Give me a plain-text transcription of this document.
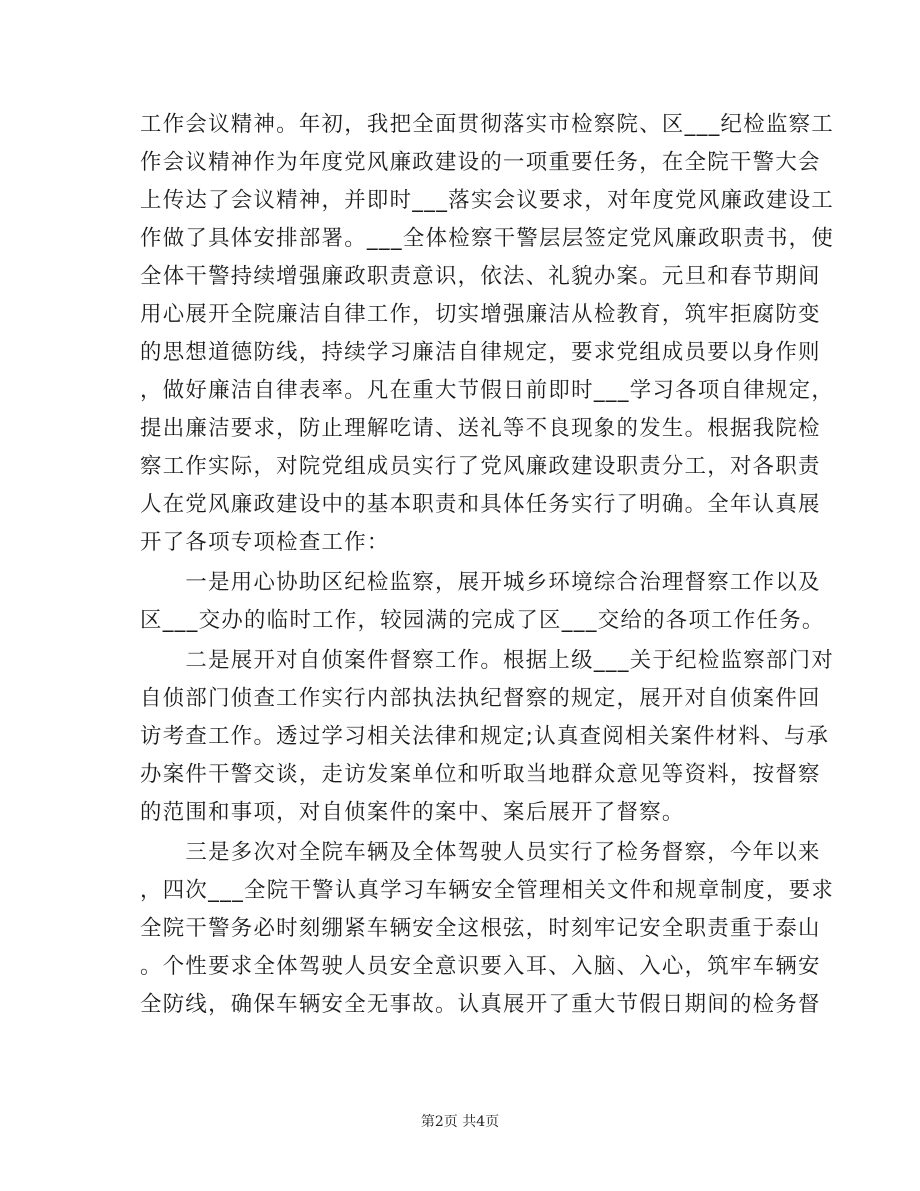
工作会议精神。年初，我把全面贯彻落实市检察院、区___纪检监察工
作会议精神作为年度党风廉政建设的一项重要任务，在全院干警大会
上传达了会议精神，并即时___落实会议要求，对年度党风廉政建设工
作做了具体安排部署。___全体检察干警层层签定党风廉政职责书，使
全体干警持续增强廉政职责意识，依法、礼貌办案。元旦和春节期间
用心展开全院廉洁自律工作，切实增强廉洁从检教育，筑牢拒腐防变
的思想道德防线，持续学习廉洁自律规定，要求党组成员要以身作则
，做好廉洁自律表率。凡在重大节假日前即时___学习各项自律规定，
提出廉洁要求，防止理解吃请、送礼等不良现象的发生。根据我院检
察工作实际，对院党组成员实行了党风廉政建设职责分工，对各职责
人在党风廉政建设中的基本职责和具体任务实行了明确。全年认真展
开了各项专项检查工作：
　　一是用心协助区纪检监察，展开城乡环境综合治理督察工作以及
区___交办的临时工作，较园满的完成了区___交给的各项工作任务。
　　二是展开对自侦案件督察工作。根据上级___关于纪检监察部门对
自侦部门侦查工作实行内部执法执纪督察的规定，展开对自侦案件回
访考查工作。透过学习相关法律和规定;认真查阅相关案件材料、与承
办案件干警交谈，走访发案单位和听取当地群众意见等资料，按督察
的范围和事项，对自侦案件的案中、案后展开了督察。
　　三是多次对全院车辆及全体驾驶人员实行了检务督察，今年以来
，四次___全院干警认真学习车辆安全管理相关文件和规章制度，要求
全院干警务必时刻绷紧车辆安全这根弦，时刻牢记安全职责重于泰山
。个性要求全体驾驶人员安全意识要入耳、入脑、入心，筑牢车辆安
全防线，确保车辆安全无事故。认真展开了重大节假日期间的检务督
第2页 共4页
